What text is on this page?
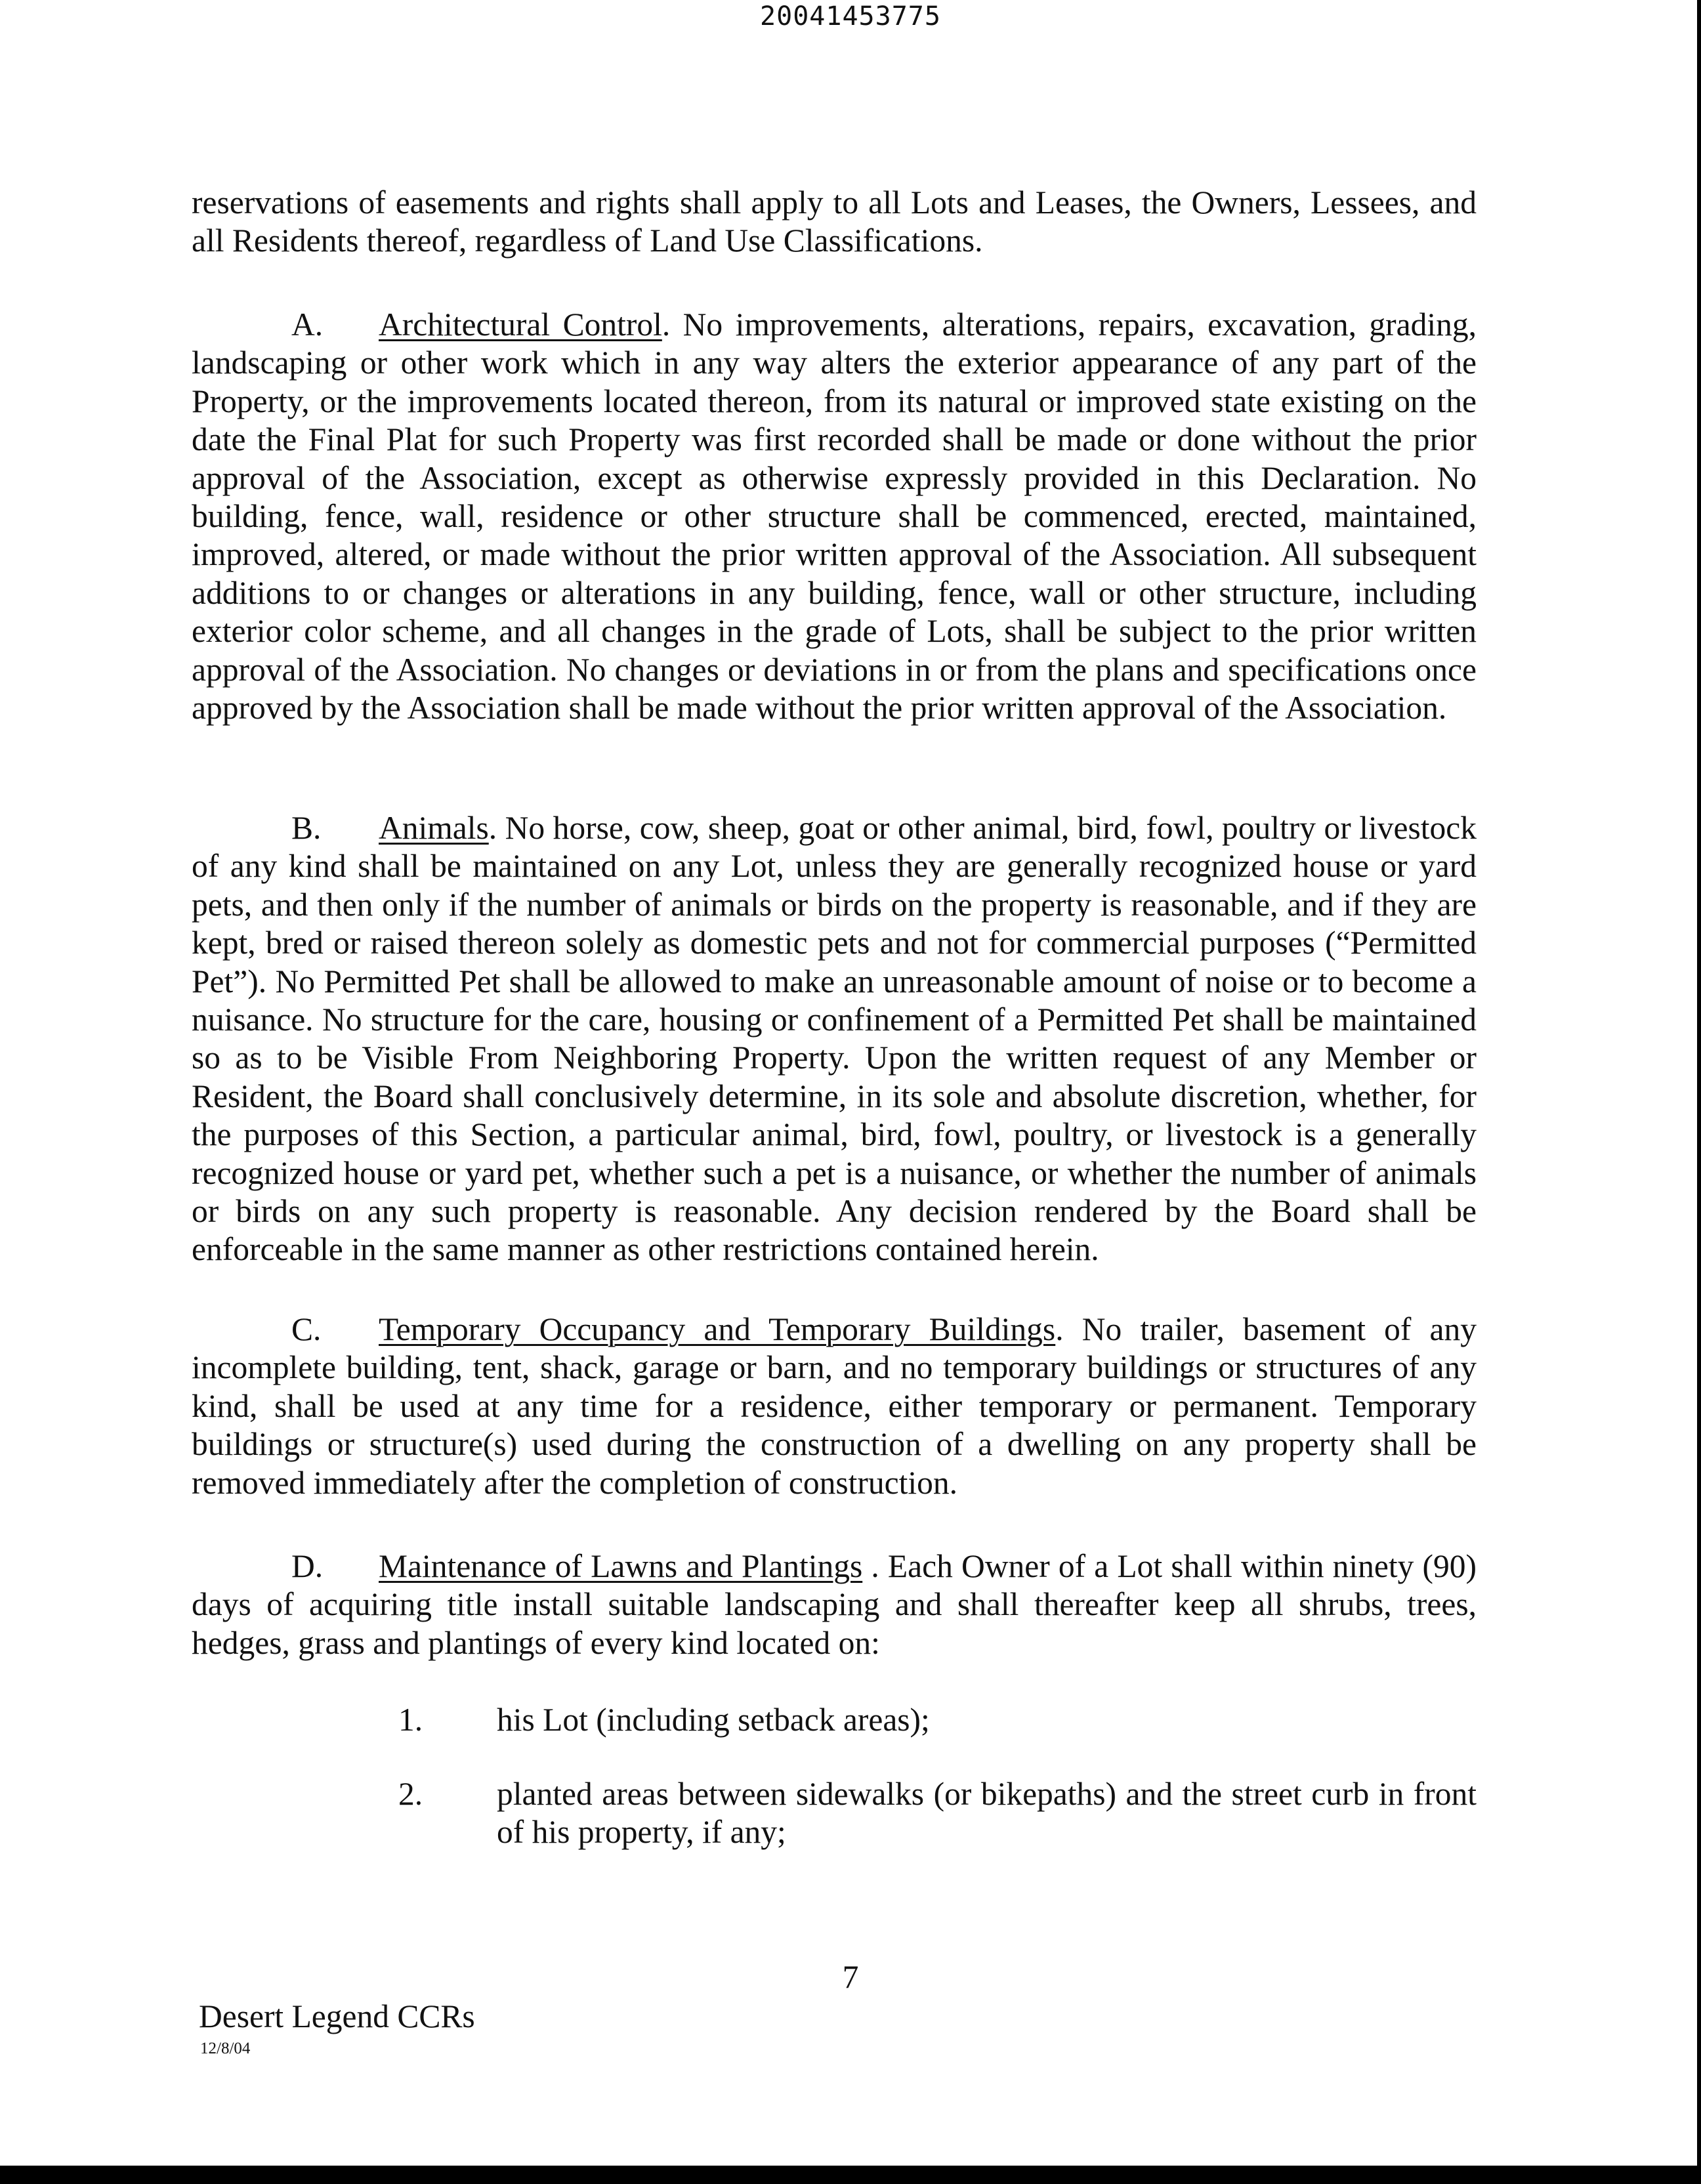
20041453775

reservations of easements and rights shall apply to all Lots and Leases, the Owners, Lessees, and all Residents thereof, regardless of Land Use Classifications.

A. Architectural Control. No improvements, alterations, repairs, excavation, grading, landscaping or other work which in any way alters the exterior appearance of any part of the Property, or the improvements located thereon, from its natural or improved state existing on the date the Final Plat for such Property was first recorded shall be made or done without the prior approval of the Association, except as otherwise expressly provided in this Declaration. No building, fence, wall, residence or other structure shall be commenced, erected, maintained, improved, altered, or made without the prior written approval of the Association. All subsequent additions to or changes or alterations in any building, fence, wall or other structure, including exterior color scheme, and all changes in the grade of Lots, shall be subject to the prior written approval of the Association. No changes or deviations in or from the plans and specifications once approved by the Association shall be made without the prior written approval of the Association.

B. Animals. No horse, cow, sheep, goat or other animal, bird, fowl, poultry or livestock of any kind shall be maintained on any Lot, unless they are generally recognized house or yard pets, and then only if the number of animals or birds on the property is reasonable, and if they are kept, bred or raised thereon solely as domestic pets and not for commercial purposes (“Permitted Pet”). No Permitted Pet shall be allowed to make an unreasonable amount of noise or to become a nuisance. No structure for the care, housing or confinement of a Permitted Pet shall be maintained so as to be Visible From Neighboring Property. Upon the written request of any Member or Resident, the Board shall conclusively determine, in its sole and absolute discretion, whether, for the purposes of this Section, a particular animal, bird, fowl, poultry, or livestock is a generally recognized house or yard pet, whether such a pet is a nuisance, or whether the number of animals or birds on any such property is reasonable. Any decision rendered by the Board shall be enforceable in the same manner as other restrictions contained herein.

C. Temporary Occupancy and Temporary Buildings. No trailer, basement of any incomplete building, tent, shack, garage or barn, and no temporary buildings or structures of any kind, shall be used at any time for a residence, either temporary or permanent. Temporary buildings or structure(s) used during the construction of a dwelling on any property shall be removed immediately after the completion of construction.

D. Maintenance of Lawns and Plantings . Each Owner of a Lot shall within ninety (90) days of acquiring title install suitable landscaping and shall thereafter keep all shrubs, trees, hedges, grass and plantings of every kind located on:

1.	his Lot (including setback areas);
2.	planted areas between sidewalks (or bikepaths) and the street curb in front of his property, if any;
7
Desert Legend CCRs
12/8/04
